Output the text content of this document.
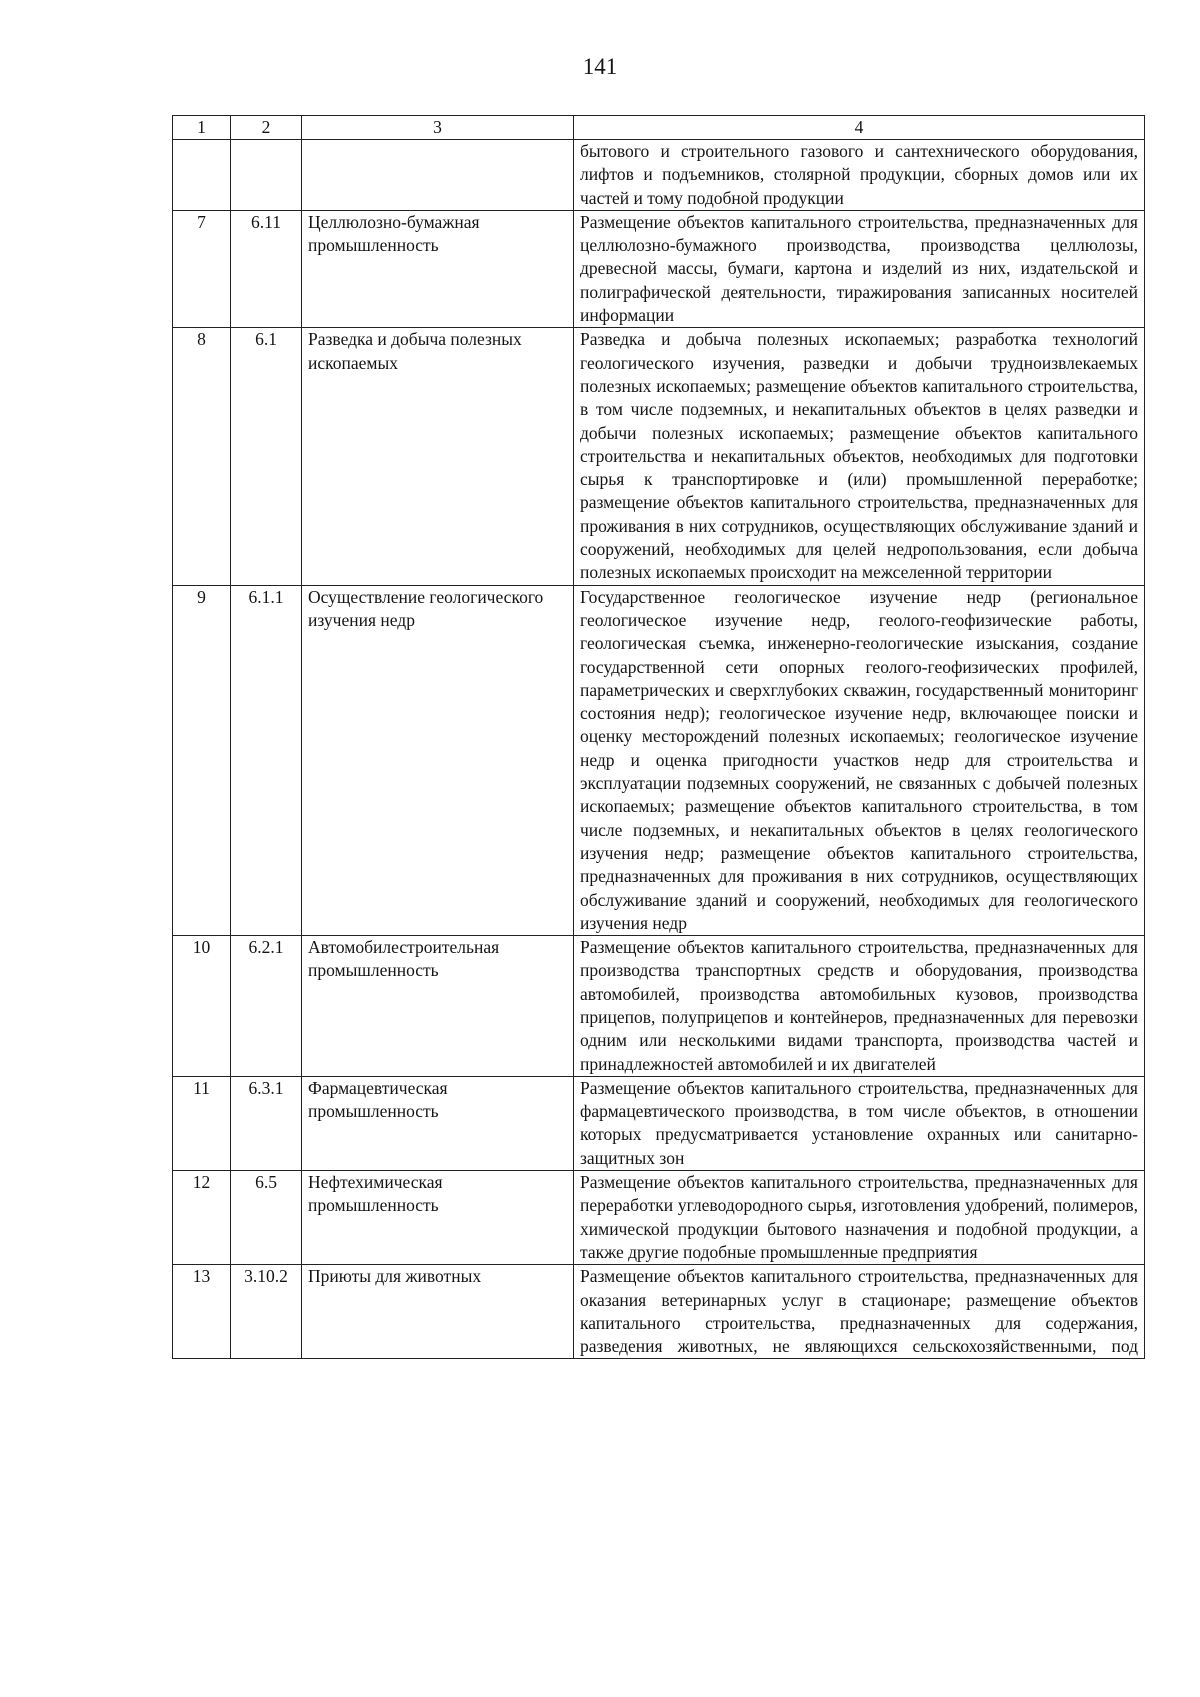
141
1	2	3	4
			бытового и строительного газового и сантехнического оборудования, лифтов и подъемников, столярной продукции, сборных домов или их частей и тому подобной продукции
7	6.11	Целлюлозно-бумажная промышленность	Размещение объектов капитального строительства, предназначенных для целлюлозно-бумажного производства, производства целлюлозы, древесной массы, бумаги, картона и изделий из них, издательской и полиграфической деятельности, тиражирования записанных носителей информации
8	6.1	Разведка и добыча полезных ископаемых	Разведка и добыча полезных ископаемых; разработка технологий геологического изучения, разведки и добычи трудноизвлекаемых полезных ископаемых; размещение объектов капитального строительства, в том числе подземных, и некапитальных объектов в целях разведки и добычи полезных ископаемых; размещение объектов капитального строительства и некапитальных объектов, необходимых для подготовки сырья к транспортировке и (или) промышленной переработке; размещение объектов капитального строительства, предназначенных для проживания в них сотрудников, осуществляющих обслуживание зданий и сооружений, необходимых для целей недропользования, если добыча полезных ископаемых происходит на межселенной территории
9	6.1.1	Осуществление геологического изучения недр	Государственное геологическое изучение недр (региональное геологическое изучение недр, геолого-геофизические работы, геологическая съемка, инженерно-геологические изыскания, создание государственной сети опорных геолого-геофизических профилей, параметрических и сверхглубоких скважин, государственный мониторинг состояния недр); геологическое изучение недр, включающее поиски и оценку месторождений полезных ископаемых; геологическое изучение недр и оценка пригодности участков недр для строительства и эксплуатации подземных сооружений, не связанных с добычей полезных ископаемых; размещение объектов капитального строительства, в том числе подземных, и некапитальных объектов в целях геологического изучения недр; размещение объектов капитального строительства, предназначенных для проживания в них сотрудников, осуществляющих обслуживание зданий и сооружений, необходимых для геологического изучения недр
10	6.2.1	Автомобилестроительная промышленность	Размещение объектов капитального строительства, предназначенных для производства транспортных средств и оборудования, производства автомобилей, производства автомобильных кузовов, производства прицепов, полуприцепов и контейнеров, предназначенных для перевозки одним или несколькими видами транспорта, производства частей и принадлежностей автомобилей и их двигателей
11	6.3.1	Фармацевтическая промышленность	Размещение объектов капитального строительства, предназначенных для фармацевтического производства, в том числе объектов, в отношении которых предусматривается установление охранных или санитарно-защитных зон
12	6.5	Нефтехимическая промышленность	Размещение объектов капитального строительства, предназначенных для переработки углеводородного сырья, изготовления удобрений, полимеров, химической продукции бытового назначения и подобной продукции, а также другие подобные промышленные предприятия
13	3.10.2	Приюты для животных	Размещение объектов капитального строительства, предназначенных для оказания ветеринарных услуг в стационаре; размещение объектов капитального строительства, предназначенных для содержания, разведения животных, не являющихся сельскохозяйственными, под
